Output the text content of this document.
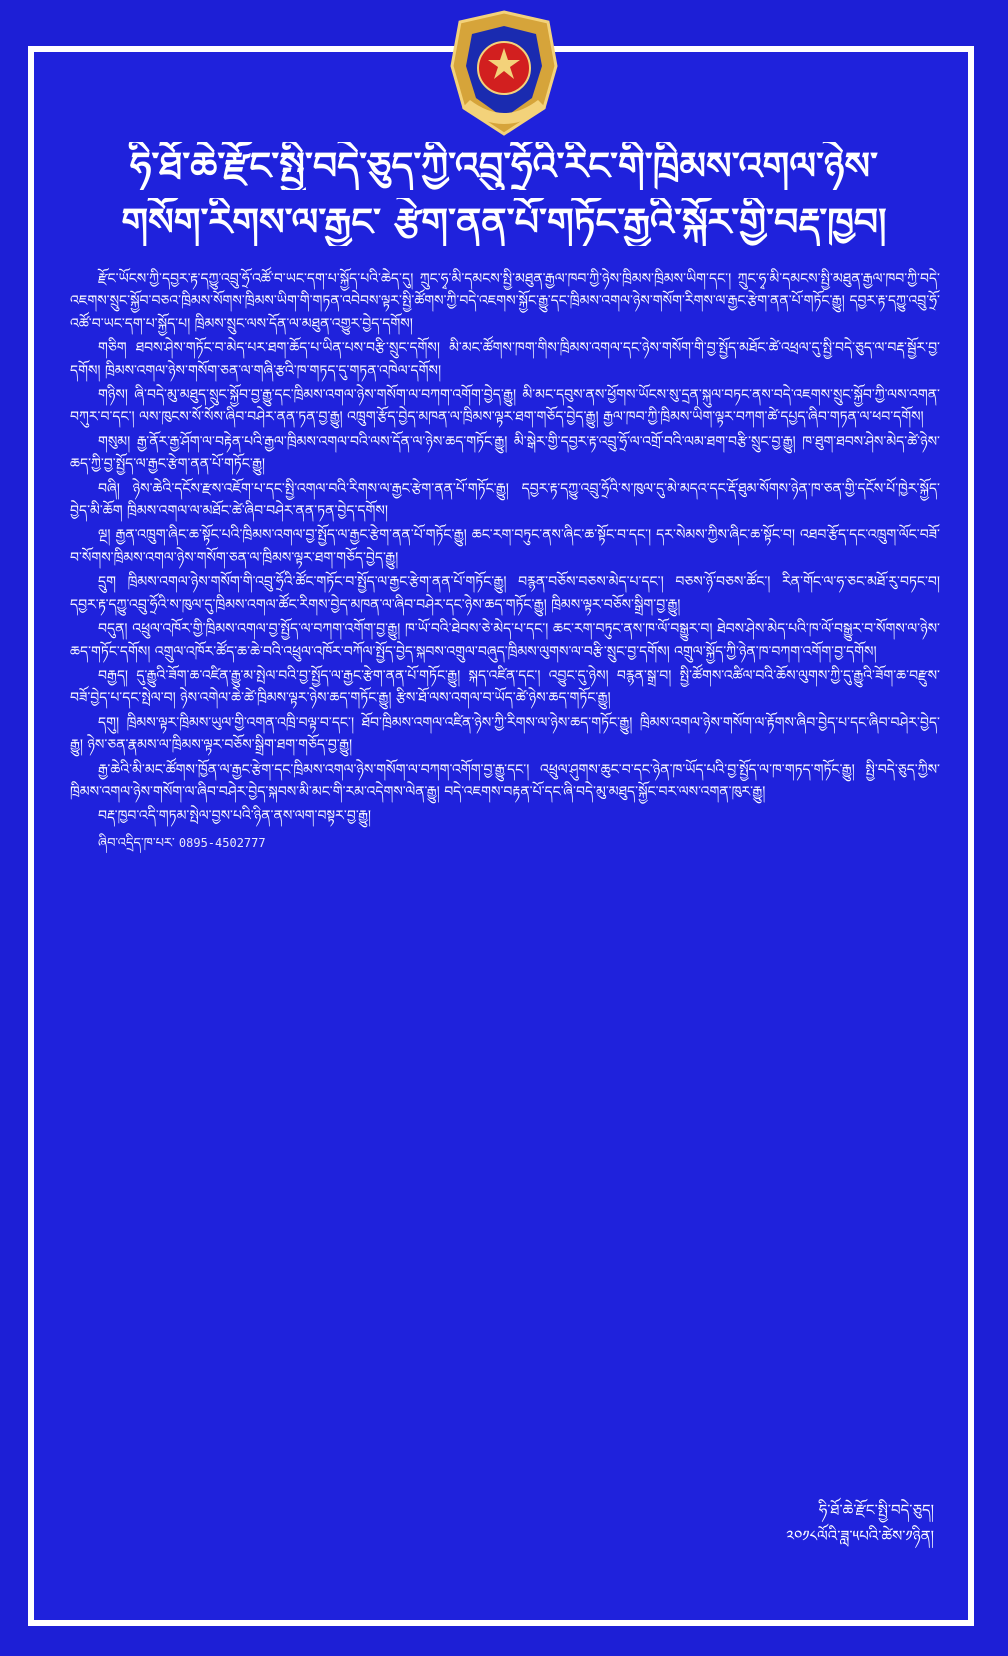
ཧི་ཐོ་ཆེ་རྫོང་སྤྱི་བདེ་ཅུད་ཀྱི་འབྲུ་ཧྲོའི་རིང་གི་ཁྲིམས་འགལ་ཉེས་
གསོག་རིགས་ལ་རྒྱང་ རྩེག་ནན་པོ་གཏོང་རྒྱའི་སྐོར་གྱི་བརྡ་ཁྱབ།

རྫོང་ཡོངས་ཀྱི་དབྱར་རྟ་དཀྱུ་འབྲུ་ཧྲོ་འཚོ་བ་ཡང་དག་པ་སྐྱོད་པའི་ཆེད་དུ། ཀྲུང་ཧྭ་མི་དམངས་སྤྱི་མཐུན་རྒྱལ་ཁབ་ཀྱི་ཉེས་ཁྲིམས་ཁྲིམས་ཡིག་དང་། ཀྲུང་ཧྭ་མི་དམངས་སྤྱི་མཐུན་རྒྱལ་ཁབ་ཀྱི་བདེ་འཇགས་སྲུང་སྐྱོབ་བཅའ་ཁྲིམས་སོགས་ཁྲིམས་ཡིག་གི་གཏན་འབེབས་ལྟར་སྤྱི་ཚོགས་ཀྱི་བདེ་འཇགས་སྐྱོང་རྒྱུ་དང་ཁྲིམས་འགལ་ཉེས་གསོག་རིགས་ལ་རྒྱང་རྩེག་ནན་པོ་གཏོང་རྒྱུ། དབྱར་རྟ་དཀྱུ་འབྲུ་ཧྲོ་འཚོ་བ་ཡང་དག་པ་སྐྱོད་པ། ཁྲིམས་སྲུང་ལས་དོན་ལ་མཐུན་འགྱུར་བྱེད་དགོས།

གཅིག ཐབས་ཤེས་གཏོང་བ་མེད་པར་ཐག་ཆོད་པ་ཡིན་པས་བརྩི་སྲུང་དགོས། མི་མང་ཚོགས་ཁག་གིས་ཁྲིམས་འགལ་དང་ཉེས་གསོག་གི་བྱ་སྤྱོད་མཐོང་ཚེ་འཕྲལ་དུ་སྤྱི་བདེ་ཅུད་ལ་བརྡ་སྦྱོར་བྱ་དགོས། ཁྲིམས་འགལ་ཉེས་གསོག་ཅན་ལ་གཞི་རྩའི་ཁ་གཏད་དུ་གཏན་འཁེལ་དགོས།

གཉིས། ཞི་བདེ་མུ་མཐུད་སྲུང་སྐྱོབ་བྱ་རྒྱུ་དང་ཁྲིམས་འགལ་ཉེས་གསོག་ལ་བཀག་འགོག་བྱེད་རྒྱུ། མི་མང་དབུས་ནས་ཕྱོགས་ཡོངས་སུ་དྲན་སྐུལ་བཏང་ནས་བདེ་འཇགས་སྲུང་སྐྱོབ་ཀྱི་ལས་འགན་བཀུར་བ་དང་། ལས་ཁུངས་སོ་སོས་ཞིབ་བཤེར་ནན་ཏན་བྱ་རྒྱུ། འཁྲུག་རྩོད་བྱེད་མཁན་ལ་ཁྲིམས་ལྟར་ཐག་གཅོད་བྱེད་རྒྱུ། རྒྱལ་ཁབ་ཀྱི་ཁྲིམས་ཡིག་ལྟར་བཀག་ཚེ་དཔྱད་ཞིབ་གཏན་ལ་ཕབ་དགོས།

གསུམ། རྒྱ་ནོར་རྒྱ་ཤོག་ལ་བརྟེན་པའི་རྒྱལ་ཁྲིམས་འགལ་བའི་ལས་དོན་ལ་ཉེས་ཆད་གཏོང་རྒྱུ། མི་སྒེར་གྱི་དབྱར་རྟ་འབྲུ་ཧྲོ་ལ་འགྲོ་བའི་ལམ་ཐག་བརྩི་སྲུང་བྱ་རྒྱུ། ཁ་ཐུག་ཐབས་ཤེས་མེད་ཚེ་ཉེས་ཆད་ཀྱི་བྱ་སྤྱོད་ལ་རྒྱང་རྩེག་ནན་པོ་གཏོང་རྒྱུ།

བཞི། ཉེས་ཆེའི་དངོས་རྫས་འཇོག་པ་དང་སྤྱི་འགལ་བའི་རིགས་ལ་རྒྱང་རྩེག་ནན་པོ་གཏོང་རྒྱུ། དབྱར་རྟ་དཀྱུ་འབྲུ་ཧྲོའི་ས་ཁུལ་དུ་མེ་མདའ་དང་རྡོ་ཐུམ་སོགས་ཉེན་ཁ་ཅན་གྱི་དངོས་པོ་ཁྱེར་སྐྱོད་བྱེད་མི་ཆོག ཁྲིམས་འགལ་ལ་མཐོང་ཚེ་ཞིབ་བཤེར་ནན་ཏན་བྱེད་དགོས།

ལྔ། རྒྱན་འཁྲུག་ཞིང་ཆ་སྟོང་པའི་ཁྲིམས་འགལ་བྱ་སྤྱོད་ལ་རྒྱང་རྩེག་ནན་པོ་གཏོང་རྒྱུ། ཆང་རག་བཏུང་ནས་ཞིང་ཆ་སྟོང་བ་དང་། དར་སེམས་ཀྱིས་ཞིང་ཆ་སྟོང་བ། འཐབ་རྩོད་དང་འཁྲུག་ལོང་བཟོ་བ་སོགས་ཁྲིམས་འགལ་ཉེས་གསོག་ཅན་ལ་ཁྲིམས་ལྟར་ཐག་གཅོད་བྱེད་རྒྱུ།

དྲུག ཁྲིམས་འགལ་ཉེས་གསོག་གི་འབྲུ་ཧྲོའི་ཚོང་གཏོང་བ་སྤྱོད་ལ་རྒྱང་རྩེག་ནན་པོ་གཏོང་རྒྱུ། བརྙན་བཅོས་བཅས་མེད་པ་དང་། བཅས་ཉོ་བཅས་ཚོང་། རིན་གོང་ལ་ཧ་ཅང་མཐོ་རུ་བཏང་བ། དབྱར་རྟ་དཀྱུ་འབྲུ་ཧྲོའི་ས་ཁུལ་དུ་ཁྲིམས་འགལ་ཚོང་རིགས་བྱེད་མཁན་ལ་ཞིབ་བཤེར་དང་ཉེས་ཆད་གཏོང་རྒྱུ། ཁྲིམས་ལྟར་བཅོས་སྒྲིག་བྱ་རྒྱུ།

བདུན། འཕྲུལ་འཁོར་གྱི་ཁྲིམས་འགལ་བྱ་སྤྱོད་ལ་བཀག་འགོག་བྱ་རྒྱུ། ཁ་ཡོ་བའི་ཐེབས་ཅེ་མེད་པ་དང་། ཆང་རག་བཏུང་ནས་ཁ་ལོ་བསྒྱུར་བ། ཐེབས་ཤེས་མེད་པའི་ཁ་ལོ་བསྒྱུར་བ་སོགས་ལ་ཉེས་ཆད་གཏོང་དགོས། འགྲུལ་འཁོར་ཚོད་ཆ་ཆེ་བའི་འཕྲུལ་འཁོར་བཀོལ་སྤྱོད་བྱེད་སྐབས་འགྲུལ་བཞུད་ཁྲིམས་ལུགས་ལ་བརྩི་སྲུང་བྱ་དགོས། འགྲུལ་སྐྱོད་ཀྱི་ཉེན་ཁ་བཀག་འགོག་བྱ་དགོས།

བརྒྱད། དུ་རྒྱུའི་ཟོག་ཆ་འཛིན་རྒྱུ་མ་སྤེལ་བའི་བྱ་སྤྱོད་ལ་རྒྱང་རྩེག་ནན་པོ་གཏོང་རྒྱུ། སྐད་འཛིན་དང་། འབྱུང་དུ་ཉེས། བརྙན་སྒྲ་བ། སྤྱི་ཚོགས་འཚིལ་བའི་ཆོས་ལུགས་ཀྱི་དུ་རྒྱུའི་ཟོག་ཆ་བརྫུས་བཟོ་བྱེད་པ་དང་སྤེལ་བ། ཉེས་འགེལ་ཆེ་ཚེ་ཁྲིམས་ལྟར་ཉེས་ཆད་གཏོང་རྒྱུ། རྩིས་ཐོ་ལས་འགལ་བ་ཡོད་ཚེ་ཉེས་ཆད་གཏོང་རྒྱུ།

དགུ། ཁྲིམས་ལྟར་ཁྲིམས་ཡུལ་གྱི་འགན་འཁྲི་བལྟ་བ་དང་། ཐོབ་ཁྲིམས་འགལ་འཛིན་ཉེས་ཀྱི་རིགས་ལ་ཉེས་ཆད་གཏོང་རྒྱུ། ཁྲིམས་འགལ་ཉེས་གསོག་ལ་རྟོགས་ཞིབ་བྱེད་པ་དང་ཞིབ་བཤེར་བྱེད་རྒྱུ། ཉེས་ཅན་རྣམས་ལ་ཁྲིམས་ལྟར་བཅོས་སྒྲིག་ཐག་གཅོད་བྱ་རྒྱུ།

རྒྱ་ཆེའི་མི་མང་ཚོགས་ཁྱོན་ལ་རྒྱང་རྩེག་དང་ཁྲིམས་འགལ་ཉེས་གསོག་ལ་བཀག་འགོག་བྱ་རྒྱུ་དང་། འཕྲུལ་ཤུགས་ཆུང་བ་དང་ཉེན་ཁ་ཡོད་པའི་བྱ་སྤྱོད་ལ་ཁ་གཏད་གཏོང་རྒྱུ། སྤྱི་བདེ་ཅུད་ཀྱིས་ཁྲིམས་འགལ་ཉེས་གསོག་ལ་ཞིབ་བཤེར་བྱེད་སྐབས་མི་མང་གི་རམ་འདེགས་ལེན་རྒྱུ། བདེ་འཇགས་བརྟན་པོ་དང་ཞི་བདེ་མུ་མཐུད་སྐྱོང་བར་ལས་འགན་ཁུར་རྒྱུ།

བརྡ་ཁྱབ་འདི་གཏམ་སྤེལ་བྱས་པའི་ཉིན་ནས་ལག་བསྟར་བྱ་རྒྱུ།

ཞིབ་འདྲིད་ཁ་པར་ 0895-4502777

ཧི་ཐོ་ཆེ་རྫོང་སྤྱི་བདེ་ཅུད།

༢༠༡༨ལོའི་ཟླ་༥པའི་ཚེས་༡ཉིན།
